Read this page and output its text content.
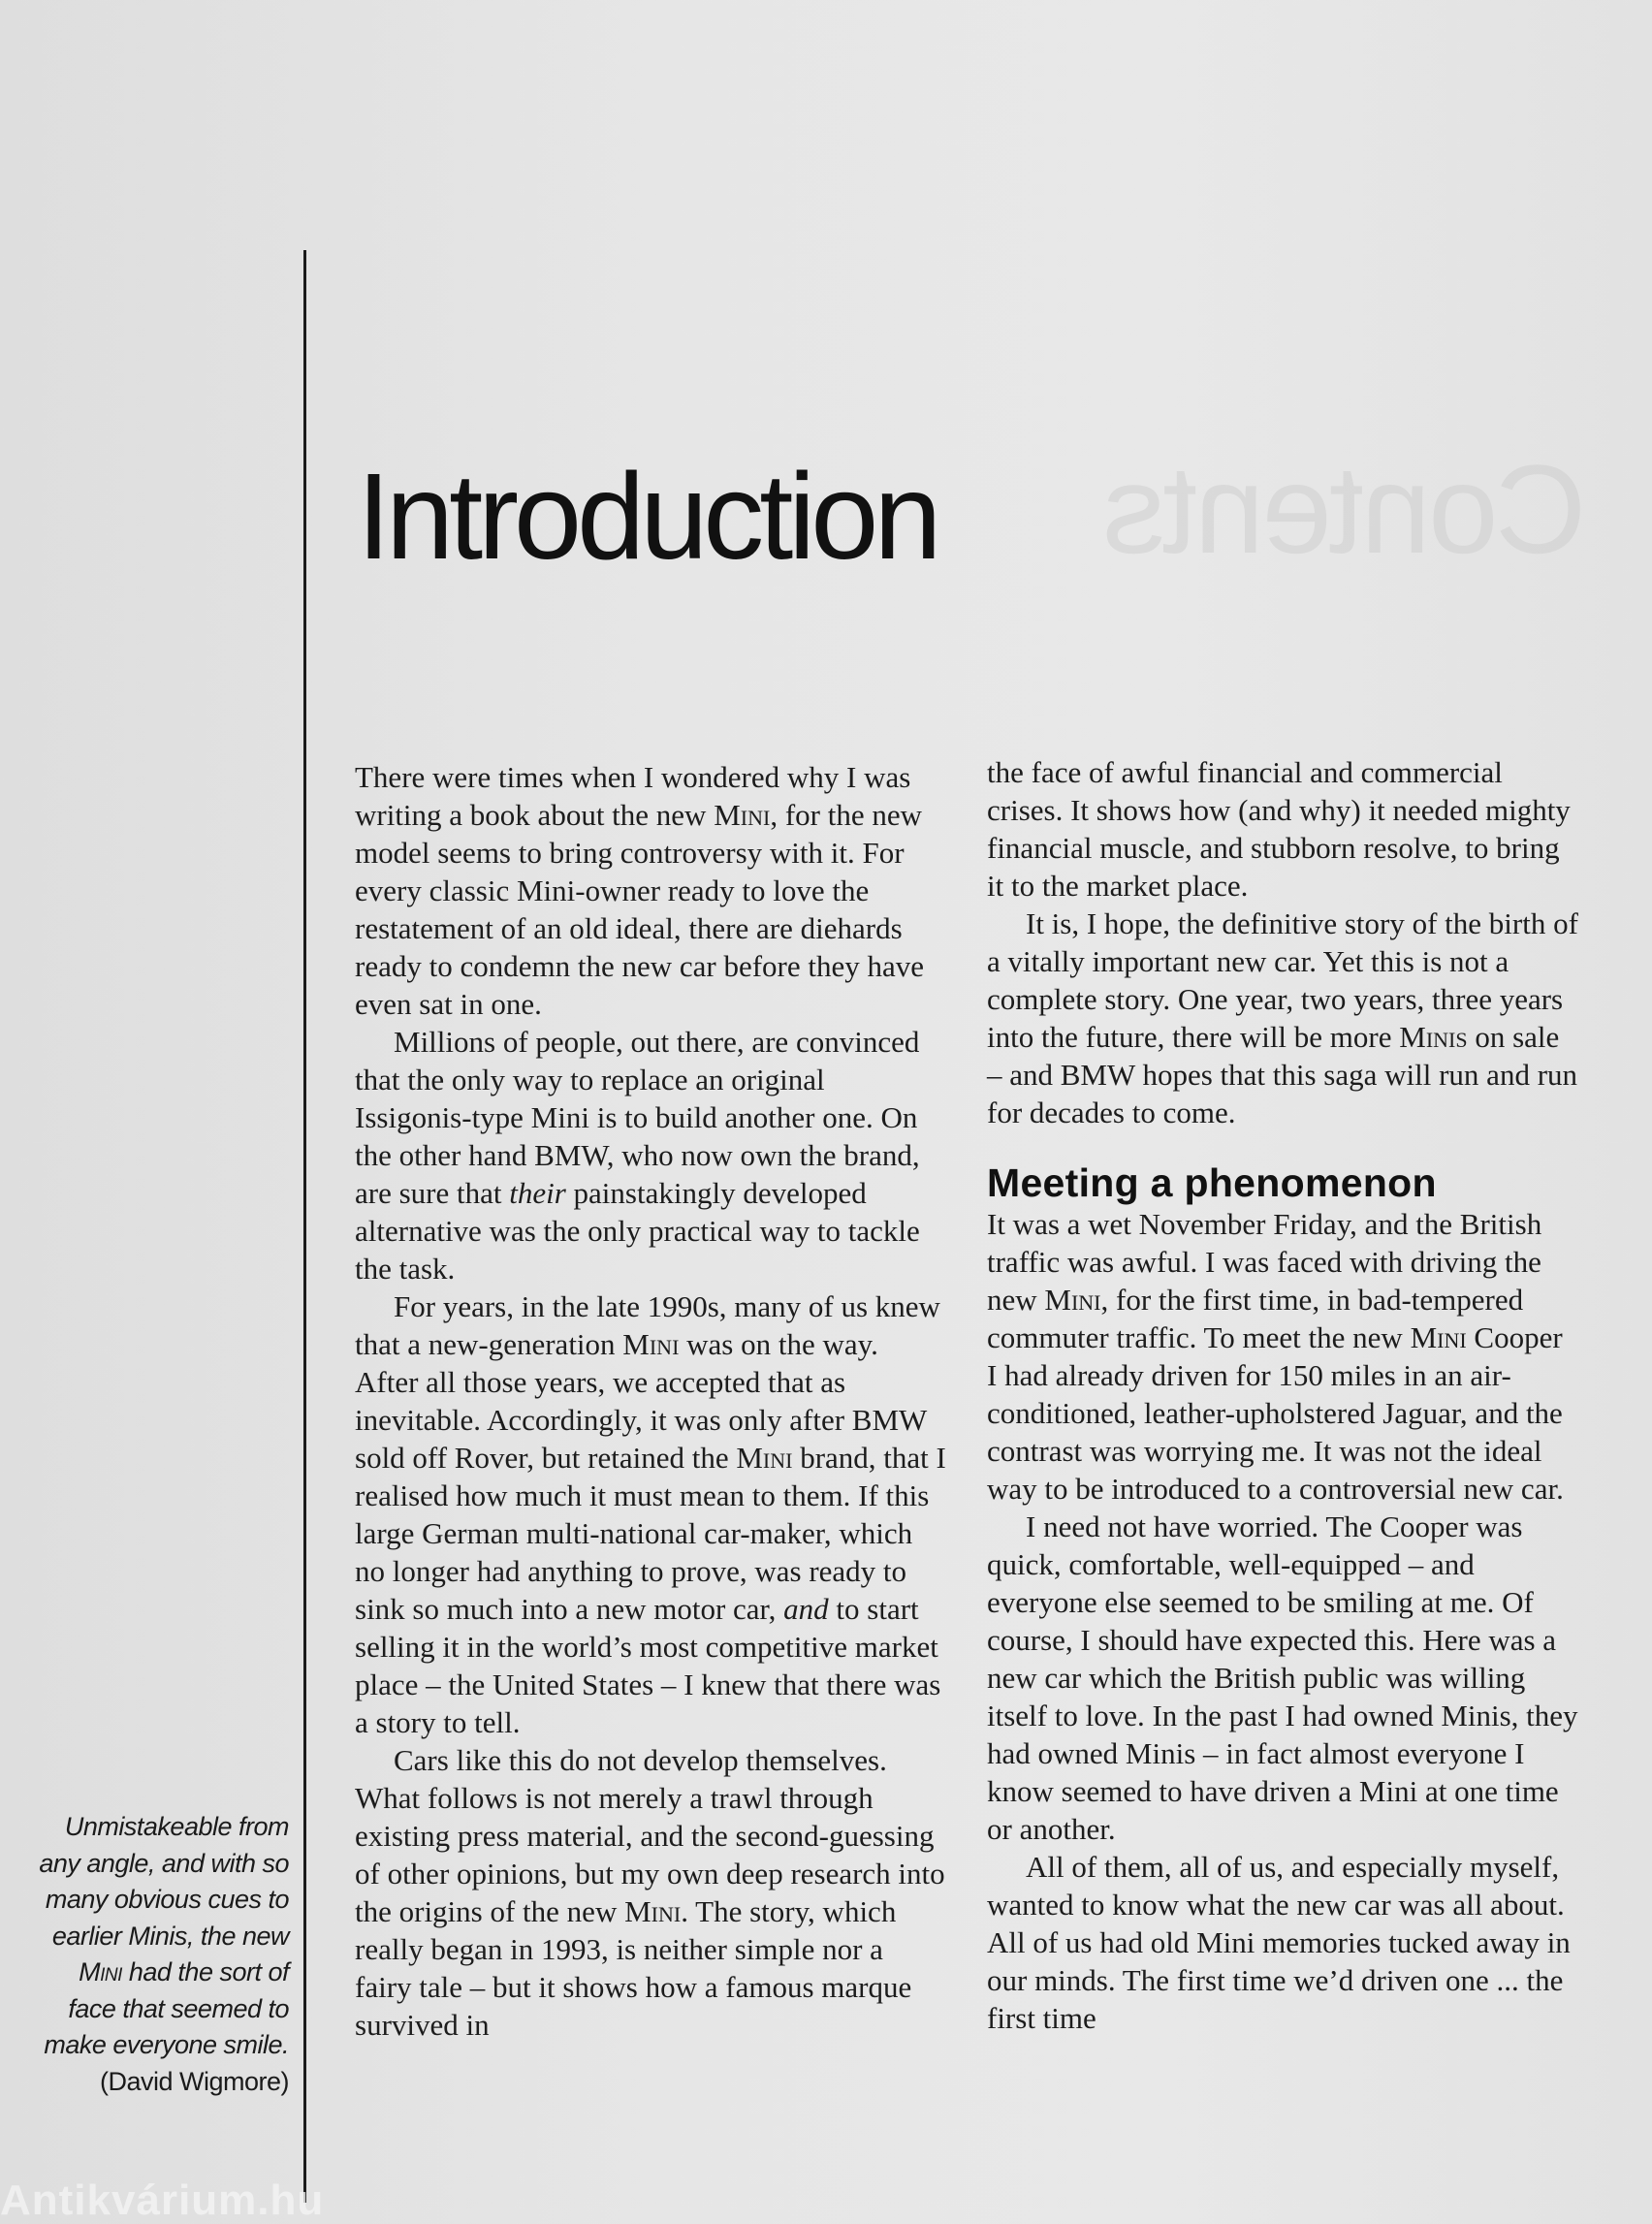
Contents
Introduction
Unmistakeable from any angle, and with so many obvious cues to earlier Minis, the new Mini had the sort of face that seemed to make everyone smile.
(David Wigmore)

There were times when I wondered why I was writing a book about the new Mini, for the new model seems to bring controversy with it. For every classic Mini-owner ready to love the restatement of an old ideal, there are diehards ready to condemn the new car before they have even sat in one.

Millions of people, out there, are convinced that the only way to replace an original Issigonis-type Mini is to build another one. On the other hand BMW, who now own the brand, are sure that their painstakingly developed alternative was the only practical way to tackle the task.

For years, in the late 1990s, many of us knew that a new-generation Mini was on the way. After all those years, we accepted that as inevitable. Accordingly, it was only after BMW sold off Rover, but retained the Mini brand, that I realised how much it must mean to them. If this large German multi-national car-maker, which no longer had anything to prove, was ready to sink so much into a new motor car, and to start selling it in the world’s most competitive market place – the United States – I knew that there was a story to tell.

Cars like this do not develop themselves. What follows is not merely a trawl through existing press material, and the second-guessing of other opinions, but my own deep research into the origins of the new Mini. The story, which really began in 1993, is neither simple nor a fairy tale – but it shows how a famous marque survived in

the face of awful financial and commercial crises. It shows how (and why) it needed mighty financial muscle, and stubborn resolve, to bring it to the market place.

It is, I hope, the definitive story of the birth of a vitally important new car. Yet this is not a complete story. One year, two years, three years into the future, there will be more Minis on sale – and BMW hopes that this saga will run and run for decades to come.

Meeting a phenomenon

It was a wet November Friday, and the British traffic was awful. I was faced with driving the new Mini, for the first time, in bad-tempered commuter traffic. To meet the new Mini Cooper I had already driven for 150 miles in an air-conditioned, leather-upholstered Jaguar, and the contrast was worrying me. It was not the ideal way to be introduced to a controversial new car.

I need not have worried. The Cooper was quick, comfortable, well-equipped – and everyone else seemed to be smiling at me. Of course, I should have expected this. Here was a new car which the British public was willing itself to love. In the past I had owned Minis, they had owned Minis – in fact almost everyone I know seemed to have driven a Mini at one time or another.

All of them, all of us, and especially myself, wanted to know what the new car was all about. All of us had old Mini memories tucked away in our minds. The first time we’d driven one ... the first time

Antikvárium.hu
